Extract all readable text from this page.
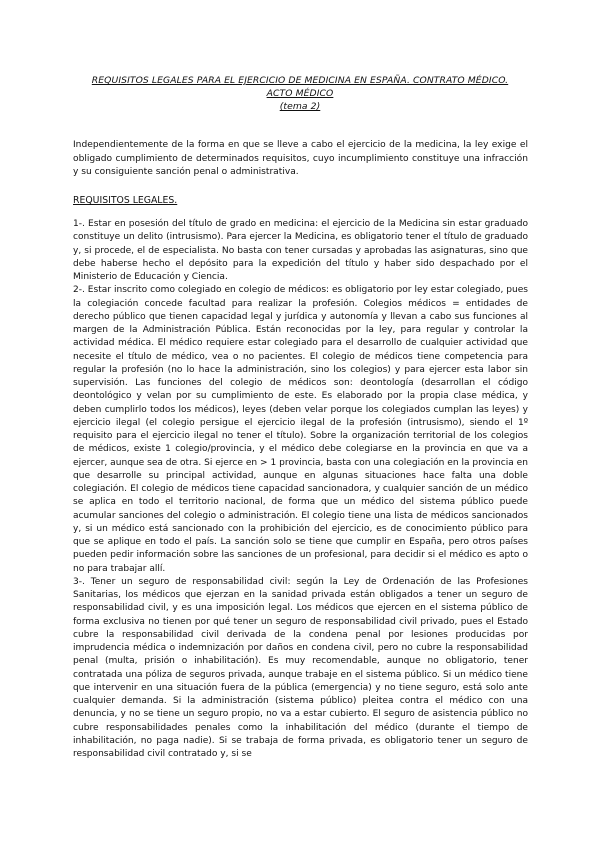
REQUISITOS LEGALES PARA EL EJERCICIO DE MEDICINA EN ESPAÑA. CONTRATO MÉDICO.
ACTO MÉDICO
(tema 2)
Independientemente de la forma en que se lleve a cabo el ejercicio de la medicina, la ley exige el obligado cumplimiento de determinados requisitos, cuyo incumplimiento constituye una infracción y su consiguiente sanción penal o administrativa.
REQUISITOS LEGALES.

1-. Estar en posesión del título de grado en medicina: el ejercicio de la Medicina sin estar graduado constituye un delito (intrusismo). Para ejercer la Medicina, es obligatorio tener el título de graduado y, si procede, el de especialista. No basta con tener cursadas y aprobadas las asignaturas, sino que debe haberse hecho el depósito para la expedición del título y haber sido despachado por el Ministerio de Educación y Ciencia.

2-. Estar inscrito como colegiado en colegio de médicos: es obligatorio por ley estar colegiado, pues la colegiación concede facultad para realizar la profesión. Colegios médicos = entidades de derecho público que tienen capacidad legal y jurídica y autonomía y llevan a cabo sus funciones al margen de la Administración Pública. Están reconocidas por la ley, para regular y controlar la actividad médica. El médico requiere estar colegiado para el desarrollo de cualquier actividad que necesite el título de médico, vea o no pacientes. El colegio de médicos tiene competencia para regular la profesión (no lo hace la administración, sino los colegios) y para ejercer esta labor sin supervisión. Las funciones del colegio de médicos son: deontología (desarrollan el código deontológico y velan por su cumplimiento de este. Es elaborado por la propia clase médica, y deben cumplirlo todos los médicos), leyes (deben velar porque los colegiados cumplan las leyes) y ejercicio ilegal (el colegio persigue el ejercicio ilegal de la profesión (intrusismo), siendo el 1º requisito para el ejercicio ilegal no tener el título). Sobre la organización territorial de los colegios de médicos, existe 1 colegio/provincia, y el médico debe colegiarse en la provincia en que va a ejercer, aunque sea de otra. Si ejerce en > 1 provincia, basta con una colegiación en la provincia en que desarrolle su principal actividad, aunque en algunas situaciones hace falta una doble colegiación. El colegio de médicos tiene capacidad sancionadora, y cualquier sanción de un médico se aplica en todo el territorio nacional, de forma que un médico del sistema público puede acumular sanciones del colegio o administración. El colegio tiene una lista de médicos sancionados y, si un médico está sancionado con la prohibición del ejercicio, es de conocimiento público para que se aplique en todo el país. La sanción solo se tiene que cumplir en España, pero otros países pueden pedir información sobre las sanciones de un profesional, para decidir si el médico es apto o no para trabajar allí.

3-. Tener un seguro de responsabilidad civil: según la Ley de Ordenación de las Profesiones Sanitarias, los médicos que ejerzan en la sanidad privada están obligados a tener un seguro de responsabilidad civil, y es una imposición legal. Los médicos que ejercen en el sistema público de forma exclusiva no tienen por qué tener un seguro de responsabilidad civil privado, pues el Estado cubre la responsabilidad civil derivada de la condena penal por lesiones producidas por imprudencia médica o indemnización por daños en condena civil, pero no cubre la responsabilidad penal (multa, prisión o inhabilitación). Es muy recomendable, aunque no obligatorio, tener contratada una póliza de seguros privada, aunque trabaje en el sistema público. Si un médico tiene que intervenir en una situación fuera de la pública (emergencia) y no tiene seguro, está solo ante cualquier demanda. Si la administración (sistema público) pleitea contra el médico con una denuncia, y no se tiene un seguro propio, no va a estar cubierto. El seguro de asistencia público no cubre responsabilidades penales como la inhabilitación del médico (durante el tiempo de inhabilitación, no paga nadie). Si se trabaja de forma privada, es obligatorio tener un seguro de responsabilidad civil contratado y, si se
